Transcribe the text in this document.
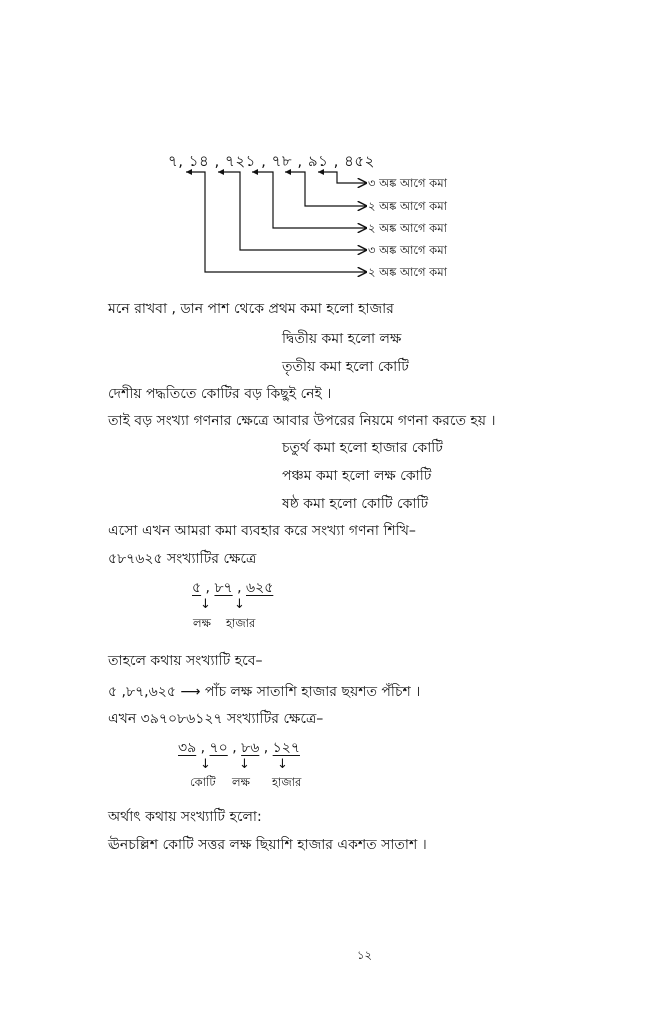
৭, ১৪ , ৭২১ , ৭৮ , ৯১ , ৪৫২
৩ অঙ্ক আগে কমা
২ অঙ্ক আগে কমা
২ অঙ্ক আগে কমা
৩ অঙ্ক আগে কমা
২ অঙ্ক আগে কমা
মনে রাখবা , ডান পাশ থেকে প্রথম কমা হলো হাজার
দ্বিতীয় কমা হলো লক্ষ
তৃতীয় কমা হলো কোটি
দেশীয় পদ্ধতিতে কোটির বড় কিছুই নেই ।
তাই বড় সংখ্যা গণনার ক্ষেত্রে আবার উপরের নিয়মে গণনা করতে হয় ।
চতুর্থ কমা হলো হাজার কোটি
পঞ্চম কমা হলো লক্ষ কোটি
ষষ্ঠ কমা হলো কোটি কোটি
এসো এখন আমরা কমা ব্যবহার করে সংখ্যা গণনা শিখি–
৫৮৭৬২৫ সংখ্যাটির ক্ষেত্রে
৫ , ৮৭ , ৬২৫
↓ ↓
লক্ষ হাজার
তাহলে কথায় সংখ্যাটি হবে–
৫ ,৮৭,৬২৫ ⟶ পাঁচ লক্ষ সাতাশি হাজার ছয়শত পঁচিশ ।
এখন ৩৯৭০৮৬১২৭ সংখ্যাটির ক্ষেত্রে–
৩৯ , ৭০ , ৮৬ , ১২৭
↓ ↓ ↓
কোটি লক্ষ হাজার
অর্থাৎ কথায় সংখ্যাটি হলো:
ঊনচল্লিশ কোটি সত্তর লক্ষ ছিয়াশি হাজার একশত সাতাশ ।
১২
